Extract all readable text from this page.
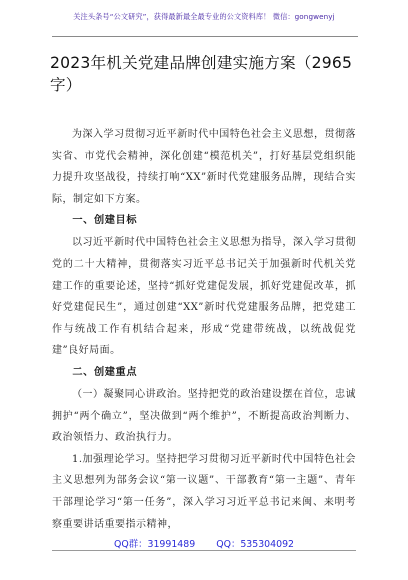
关注头条号“公文研究”，获得最新最全最专业的公文资料库！ 微信：gongwenyj
2023年机关党建品牌创建实施方案（2965字）

为深入学习贯彻习近平新时代中国特色社会主义思想，贯彻落实省、市党代会精神，深化创建“模范机关”，打好基层党组织能力提升攻坚战役，持续打响“XX”新时代党建服务品牌，现结合实际，制定如下方案。

一、创建目标

以习近平新时代中国特色社会主义思想为指导，深入学习贯彻党的二十大精神，贯彻落实习近平总书记关于加强新时代机关党建工作的重要论述，坚持“抓好党建促发展，抓好党建促改革，抓好党建促民生”，通过创建“XX”新时代党建服务品牌，把党建工作与统战工作有机结合起来，形成“党建带统战，以统战促党建”良好局面。

二、创建重点

（一）凝聚同心讲政治。坚持把党的政治建设摆在首位，忠诚拥护“两个确立”，坚决做到“两个维护”，不断提高政治判断力、政治领悟力、政治执行力。

1.加强理论学习。坚持把学习贯彻习近平新时代中国特色社会主义思想列为部务会议“第一议题”、干部教育“第一主题”、青年干部理论学习“第一任务”，深入学习习近平总书记来闽、来明考察重要讲话重要指示精神，

QQ群：31991489 QQ：535304092
